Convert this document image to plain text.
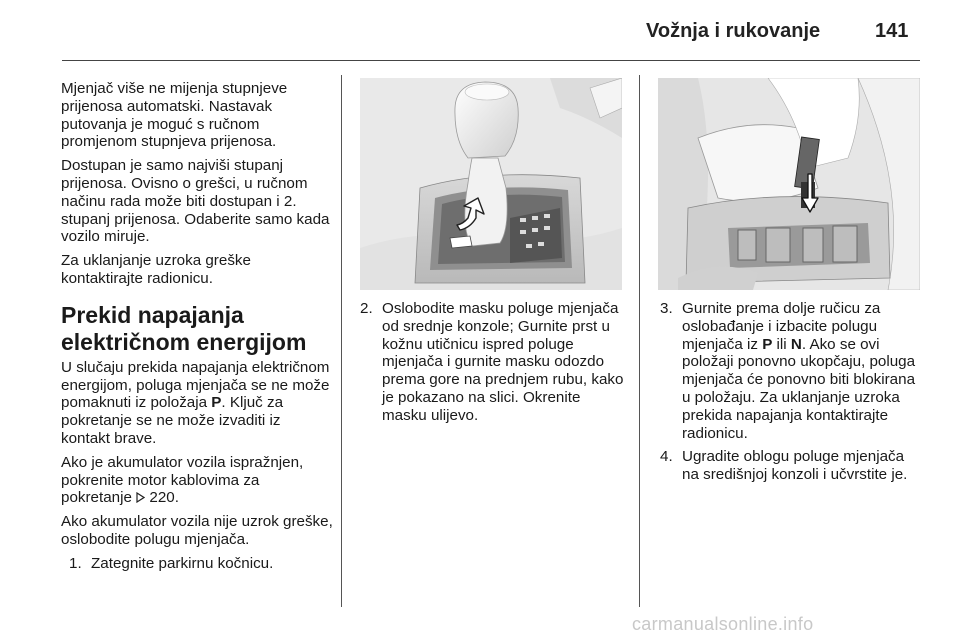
Vožnja i rukovanje	141

Mjenjač više ne mijenja stupnjeve prijenosa automatski. Nastavak putovanja je moguć s ručnom promjenom stupnjeva prijenosa.

Dostupan je samo najviši stupanj prijenosa. Ovisno o grešci, u ručnom načinu rada može biti dostupan i 2. stupanj prijenosa. Odaberite samo kada vozilo miruje.

Za uklanjanje uzroka greške kontaktirajte radionicu.

Prekid napajanja električnom energijom

U slučaju prekida napajanja električnom energijom, poluga mjenjača se ne može pomaknuti iz položaja P. Ključ za pokretanje se ne može izvaditi iz kontakt brave.

Ako je akumulator vozila ispražnjen, pokrenite motor kablovima za pokretanje  220.

Ako akumulator vozila nije uzrok greške, oslobodite polugu mjenjača.

1. Zategnite parkirnu kočnicu.
2. Oslobodite masku poluge mjenjača od srednje konzole; Gurnite prst u kožnu utičnicu ispred poluge mjenjača i gurnite masku odozdo prema gore na prednjem rubu, kako je pokazano na slici. Okrenite masku ulijevo.
3. Gurnite prema dolje ručicu za oslobađanje i izbacite polugu mjenjača iz P ili N. Ako se ovi položaji ponovno ukopčaju, poluga mjenjača će ponovno biti blokirana u položaju. Za uklanjanje uzroka prekida napajanja kontaktirajte radionicu.
4. Ugradite oblogu poluge mjenjača na središnjoj konzoli i učvrstite je.
carmanualsonline.info
